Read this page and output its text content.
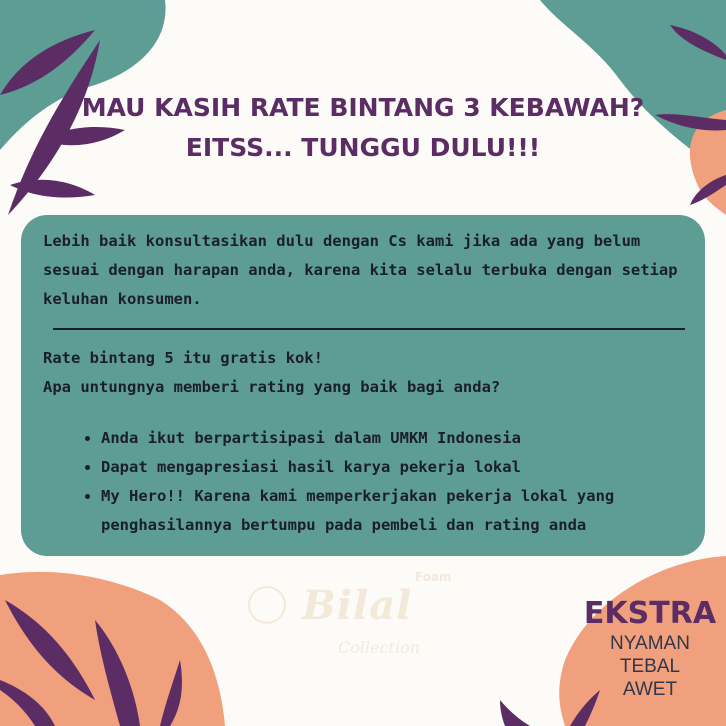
MAU KASIH RATE BINTANG 3 KEBAWAH?
EITSS... TUNGGU DULU!!!

Lebih baik konsultasikan dulu dengan Cs kami jika ada yang belum sesuai dengan harapan anda, karena kita selalu terbuka dengan setiap keluhan konsumen.

Rate bintang 5 itu gratis kok!

Apa untungnya memberi rating yang baik bagi anda?

• Anda ikut berpartisipasi dalam UMKM Indonesia
• Dapat mengapresiasi hasil karya pekerja lokal
• My Hero!! Karena kami memperkerjakan pekerja lokal yang penghasilannya bertumpu pada pembeli dan rating anda
Foam
Bilal
Collection
EKSTRA
NYAMAN
TEBAL
AWET
